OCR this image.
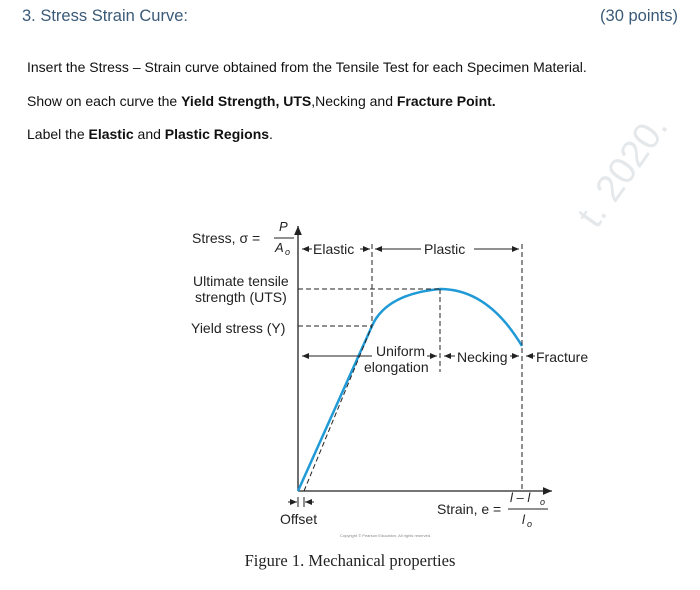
3. Stress Strain Curve:	(30 points)
Insert the Stress – Strain curve obtained from the Tensile Test for each Specimen Material.
Show on each curve the Yield Strength, UTS,Necking and Fracture Point.
Label the Elastic and Plastic Regions.	t. 2020.
Stress, σ =
P
A o Elastic	Plastic
Ultimate tensile
strength (UTS)
Yield stress (Y)
Uniform
elongation
Necking Fracture
Offset
Strain, e =
l – l o
l o
Copyright © Pearson Education, All rights reserved.
Figure 1. Mechanical properties
